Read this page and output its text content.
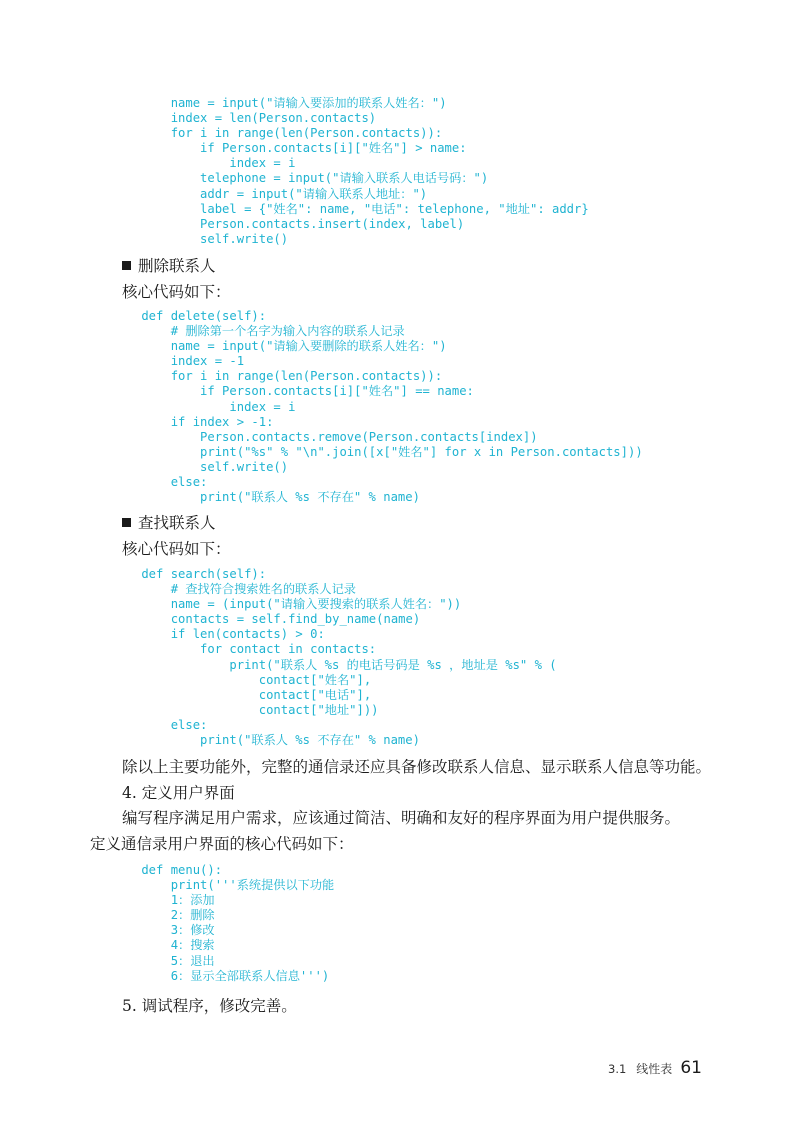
name = input("请输入要添加的联系人姓名：")
index = len(Person.contacts)
for i in range(len(Person.contacts)):
if Person.contacts[i]["姓名"] > name:
index = i
telephone = input("请输入联系人电话号码：")
addr = input("请输入联系人地址：")
label = {"姓名": name, "电话": telephone, "地址": addr}
Person.contacts.insert(index, label)
self.write()
删除联系人
核心代码如下：
def delete(self):
# 删除第一个名字为输入内容的联系人记录
name = input("请输入要删除的联系人姓名：")
index = -1
for i in range(len(Person.contacts)):
if Person.contacts[i]["姓名"] == name:
index = i
if index > -1:
Person.contacts.remove(Person.contacts[index])
print("%s" % "\n".join([x["姓名"] for x in Person.contacts]))
self.write()
else:
print("联系人 %s 不存在" % name)
查找联系人
核心代码如下：
def search(self):
# 查找符合搜索姓名的联系人记录
name = (input("请输入要搜索的联系人姓名："))
contacts = self.find_by_name(name)
if len(contacts) > 0:
for contact in contacts:
print("联系人 %s 的电话号码是 %s ，地址是 %s" % (
contact["姓名"],
contact["电话"],
contact["地址"]))
else:
print("联系人 %s 不存在" % name)
除以上主要功能外，完整的通信录还应具备修改联系人信息、显示联系人信息等功能。
4. 定义用户界面
编写程序满足用户需求，应该通过简洁、明确和友好的程序界面为用户提供服务。
定义通信录用户界面的核心代码如下：
def menu():
print('''系统提供以下功能
1：添加
2：删除
3：修改
4：搜索
5：退出
6：显示全部联系人信息''')
5. 调试程序，修改完善。
3.1 线性表 61
